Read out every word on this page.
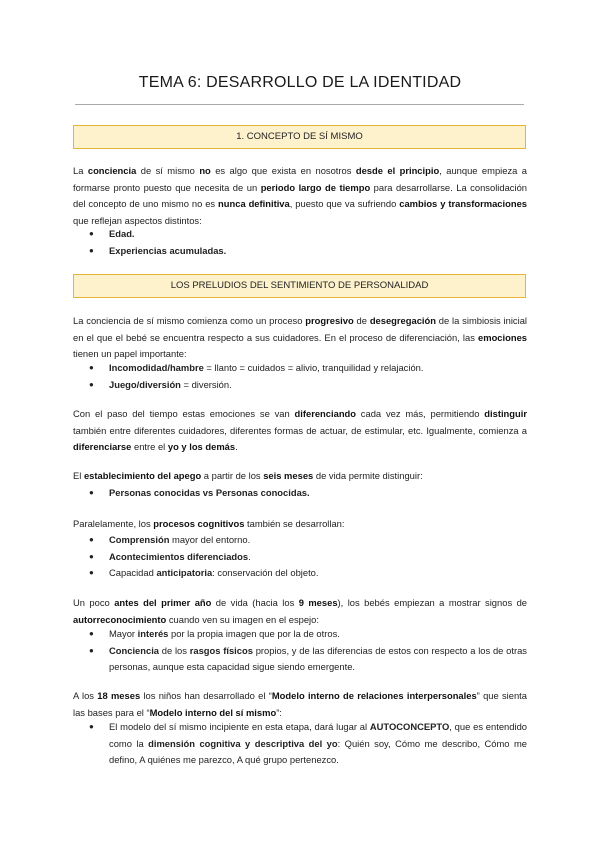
TEMA 6: DESARROLLO DE LA IDENTIDAD
1. CONCEPTO DE SÍ MISMO

La conciencia de sí mismo no es algo que exista en nosotros desde el principio, aunque empieza a formarse pronto puesto que necesita de un periodo largo de tiempo para desarrollarse. La consolidación del concepto de uno mismo no es nunca definitiva, puesto que va sufriendo cambios y transformaciones que reflejan aspectos distintos:

● Edad.
● Experiencias acumuladas.
LOS PRELUDIOS DEL SENTIMIENTO DE PERSONALIDAD

La conciencia de sí mismo comienza como un proceso progresivo de desegregación de la simbiosis inicial en el que el bebé se encuentra respecto a sus cuidadores. En el proceso de diferenciación, las emociones tienen un papel importante:

● Incomodidad/hambre = llanto = cuidados = alivio, tranquilidad y relajación.
● Juego/diversión = diversión.

Con el paso del tiempo estas emociones se van diferenciando cada vez más, permitiendo distinguir también entre diferentes cuidadores, diferentes formas de actuar, de estimular, etc. Igualmente, comienza a diferenciarse entre el yo y los demás.

El establecimiento del apego a partir de los seis meses de vida permite distinguir:

● Personas conocidas vs Personas conocidas.

Paralelamente, los procesos cognitivos también se desarrollan:

● Comprensión mayor del entorno.
● Acontecimientos diferenciados.
● Capacidad anticipatoria: conservación del objeto.

Un poco antes del primer año de vida (hacia los 9 meses), los bebés empiezan a mostrar signos de autorreconocimiento cuando ven su imagen en el espejo:

● Mayor interés por la propia imagen que por la de otros.
● Conciencia de los rasgos físicos propios, y de las diferencias de estos con respecto a los de otras personas, aunque esta capacidad sigue siendo emergente.

A los 18 meses los niños han desarrollado el “Modelo interno de relaciones interpersonales” que sienta las bases para el “Modelo interno del sí mismo”:

● El modelo del sí mismo incipiente en esta etapa, dará lugar al AUTOCONCEPTO, que es entendido como la dimensión cognitiva y descriptiva del yo: Quién soy, Cómo me describo, Cómo me defino, A quiénes me parezco, A qué grupo pertenezco.
